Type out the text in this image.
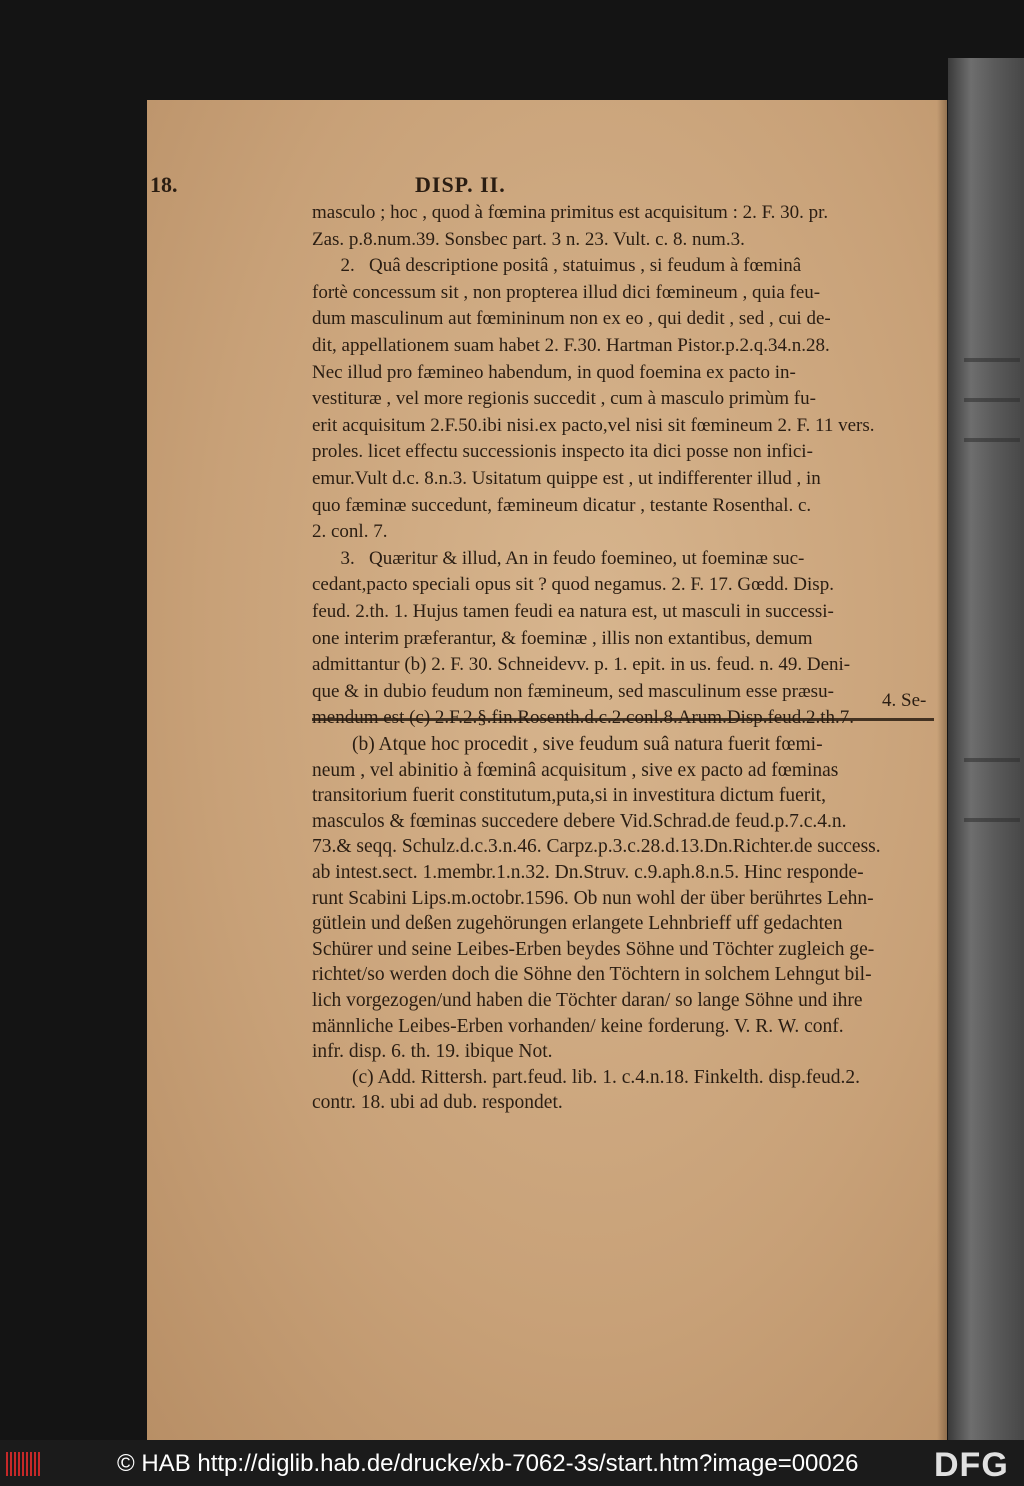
18.	DISP. II.
masculo ; hoc , quod à fœmina primitus est acquisitum : 2. F. 30. pr.
Zas. p.8.num.39. Sonsbec part. 3 n. 23. Vult. c. 8. num.3.
2.   Quâ descriptione positâ , statuimus , si feudum à fœminâ
fortè concessum sit , non propterea illud dici fœmineum , quia feu-
dum masculinum aut fœmininum non ex eo , qui dedit , sed , cui de-
dit, appellationem suam habet 2. F.30. Hartman Pistor.p.2.q.34.n.28.
Nec illud pro fæmineo habendum, in quod foemina ex pacto in-
vestituræ , vel more regionis succedit , cum à masculo primùm fu-
erit acquisitum 2.F.50.ibi nisi.ex pacto,vel nisi sit fœmineum 2. F. 11 vers.
proles. licet effectu successionis inspecto ita dici posse non infici-
emur.Vult d.c. 8.n.3. Usitatum quippe est , ut indifferenter illud , in
quo fæminæ succedunt, fæmineum dicatur , testante Rosenthal. c.
2. conl. 7.
3.   Quæritur & illud, An in feudo foemineo, ut foeminæ suc-
cedant,pacto speciali opus sit ? quod negamus. 2. F. 17. Gœdd. Disp.
feud. 2.th. 1. Hujus tamen feudi ea natura est, ut masculi in successi-
one interim præferantur, & foeminæ , illis non extantibus, demum
admittantur (b) 2. F. 30. Schneidevv. p. 1. epit. in us. feud. n. 49. Deni-
que & in dubio feudum non fæmineum, sed masculinum esse præsu-	4. Se-
(b) Atque hoc procedit , sive feudum suâ natura fuerit fœmi-
neum , vel abinitio à fœminâ acquisitum , sive ex pacto ad fœminas
transitorium fuerit constitutum,puta,si in investitura dictum fuerit,
masculos & fœminas succedere debere Vid.Schrad.de feud.p.7.c.4.n.
73.& seqq. Schulz.d.c.3.n.46. Carpz.p.3.c.28.d.13.Dn.Richter.de success.
ab intest.sect. 1.membr.1.n.32. Dn.Struv. c.9.aph.8.n.5. Hinc responde-
runt Scabini Lips.m.octobr.1596. Ob nun wohl der über berührtes Lehn-
gütlein und deßen zugehörungen erlangete Lehnbrieff uff gedachten
Schürer und seine Leibes-Erben beydes Söhne und Töchter zugleich ge-
richtet/so werden doch die Söhne den Töchtern in solchem Lehngut bil-
lich vorgezogen/und haben die Töchter daran/ so lange Söhne und ihre
männliche Leibes-Erben vorhanden/ keine forderung. V. R. W. conf.
infr. disp. 6. th. 19. ibique Not.
(c) Add. Rittersh. part.feud. lib. 1. c.4.n.18. Finkelth. disp.feud.2.
contr. 18. ubi ad dub. respondet.
© HAB http://diglib.hab.de/drucke/xb-7062-3s/start.htm?image=00026 DFG
